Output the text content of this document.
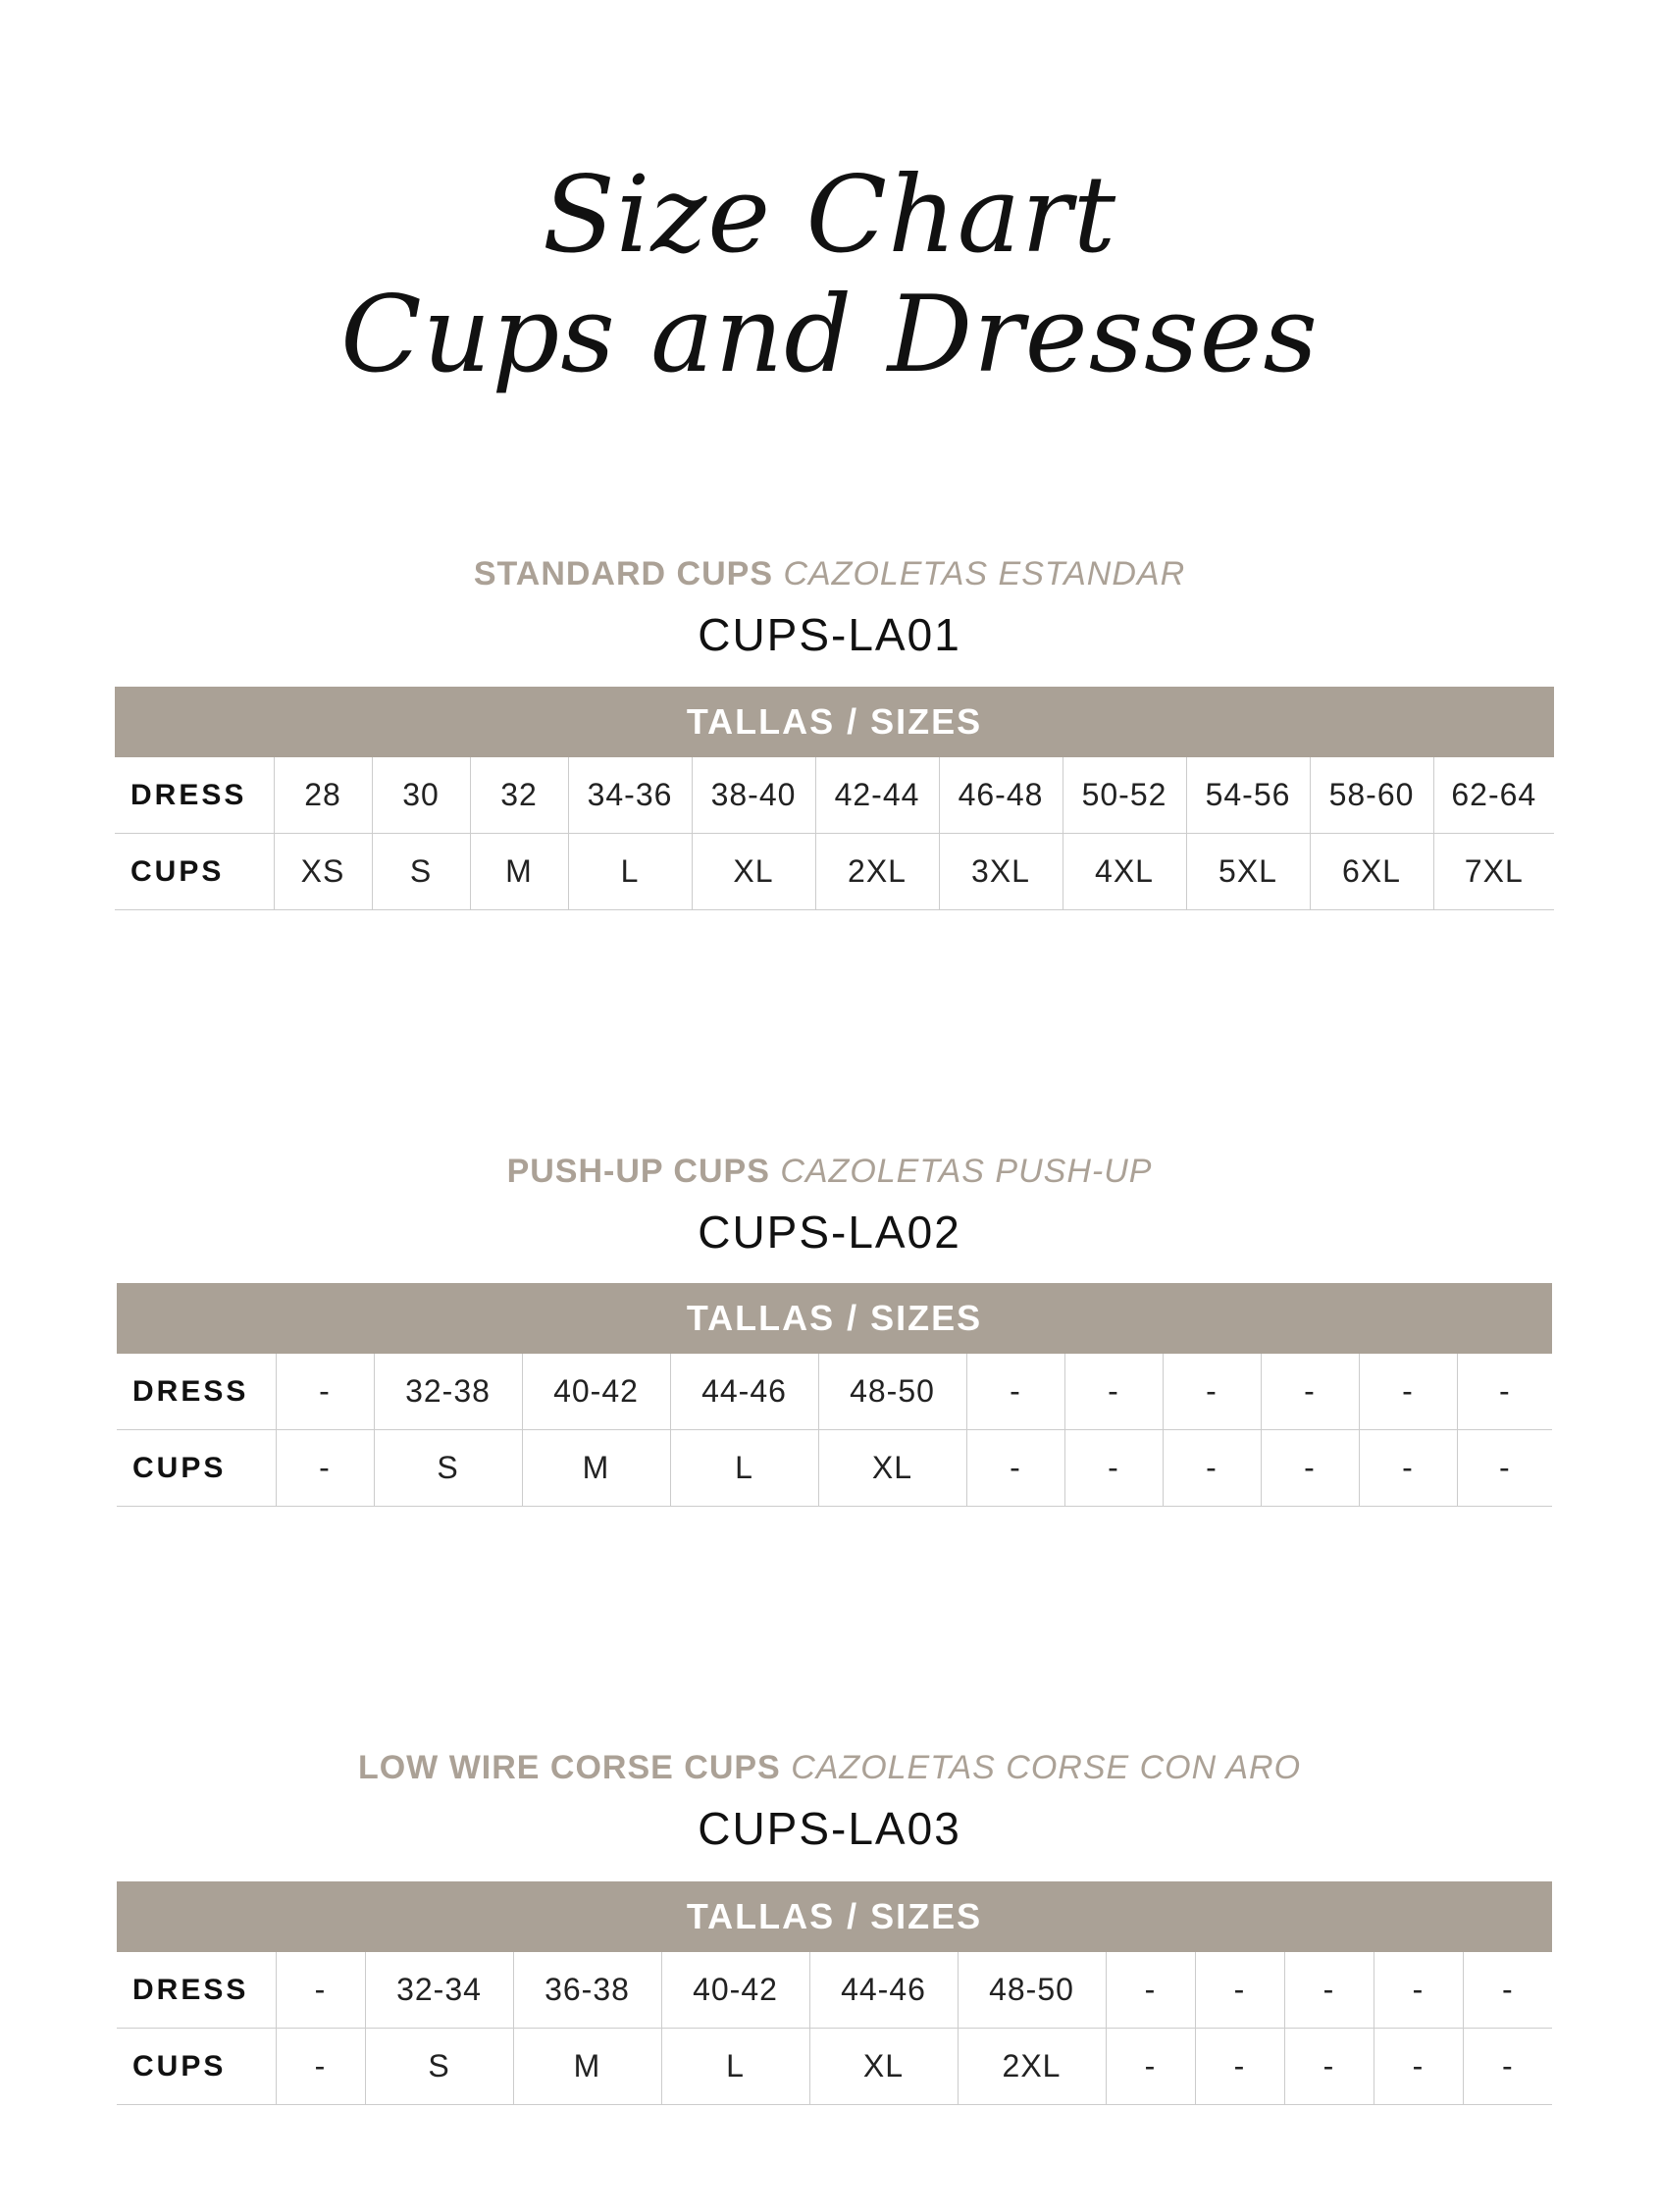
Size Chart
Cups and Dresses
STANDARD CUPS CAZOLETAS ESTANDAR
CUPS-LA01
TALLAS / SIZES											
DRESS	28	30	32	34-36	38-40	42-44	46-48	50-52	54-56	58-60	62-64
CUPS	XS	S	M	L	XL	2XL	3XL	4XL	5XL	6XL	7XL
PUSH-UP CUPS CAZOLETAS PUSH-UP
CUPS-LA02
TALLAS / SIZES											
DRESS	-	32-38	40-42	44-46	48-50	-	-	-	-	-	-
CUPS	-	S	M	L	XL	-	-	-	-	-	-
LOW WIRE CORSE CUPS CAZOLETAS CORSE CON ARO
CUPS-LA03
TALLAS / SIZES											
DRESS	-	32-34	36-38	40-42	44-46	48-50	-	-	-	-	-
CUPS	-	S	M	L	XL	2XL	-	-	-	-	-
